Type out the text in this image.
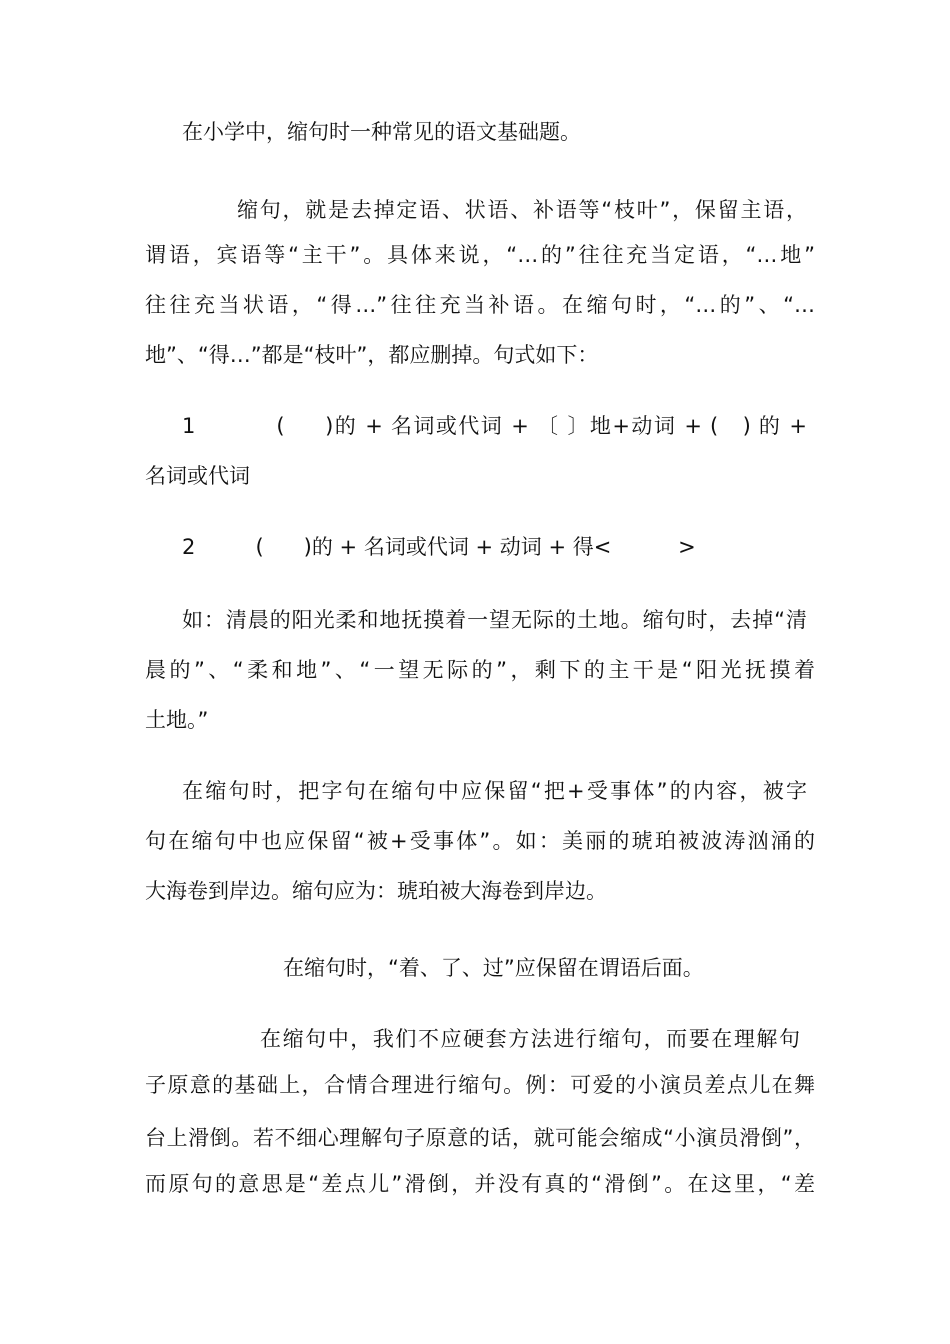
在小学中，缩句时一种常见的语文基础题。
缩句，就是去掉定语、状语、补语等“枝叶”，保留主语，
谓语，宾语等“主干”。具体来说，“…的”往往充当定语，“…地”
往往充当状语，“得…”往往充当补语。在缩句时，“…的”、“…
地”、“得…”都是“枝叶”，都应删掉。句式如下：
1          (     )的 + 名词或代词 + 〔 〕地+动词 + (   ) 的 +
名词或代词
2         (      )的 + 名词或代词 + 动词 + 得<          >
如：清晨的阳光柔和地抚摸着一望无际的土地。缩句时，去掉“清
晨的”、“柔和地”、“一望无际的”，剩下的主干是“阳光抚摸着
土地。”
在缩句时，把字句在缩句中应保留“把+受事体”的内容，被字
句在缩句中也应保留“被+受事体”。如：美丽的琥珀被波涛汹涌的
大海卷到岸边。缩句应为：琥珀被大海卷到岸边。
在缩句时，“着、了、过”应保留在谓语后面。
在缩句中，我们不应硬套方法进行缩句，而要在理解句
子原意的基础上，合情合理进行缩句。例：可爱的小演员差点儿在舞
台上滑倒。若不细心理解句子原意的话，就可能会缩成“小演员滑倒”，
而原句的意思是“差点儿”滑倒，并没有真的“滑倒”。在这里，“差
